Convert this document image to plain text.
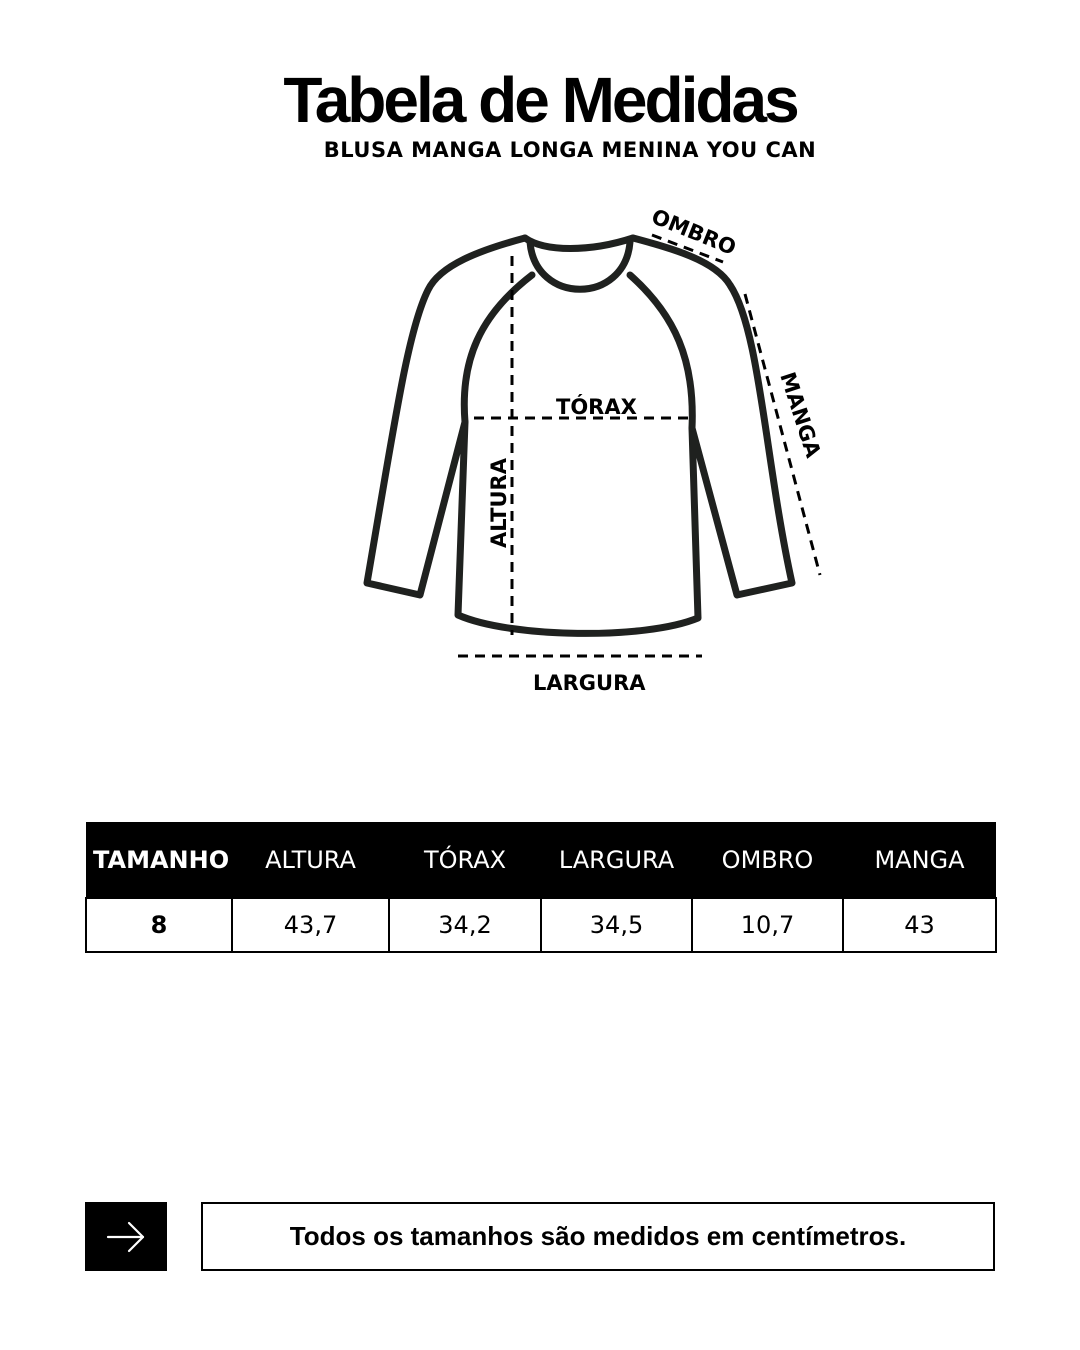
Tabela de Medidas
BLUSA MANGA LONGA MENINA YOU CAN
OMBRO
MANGA
TÓRAX
ALTURA
LARGURA
TAMANHO	ALTURA	TÓRAX	LARGURA	OMBRO	MANGA
8	43,7	34,2	34,5	10,7	43
Todos os tamanhos são medidos em centímetros.
